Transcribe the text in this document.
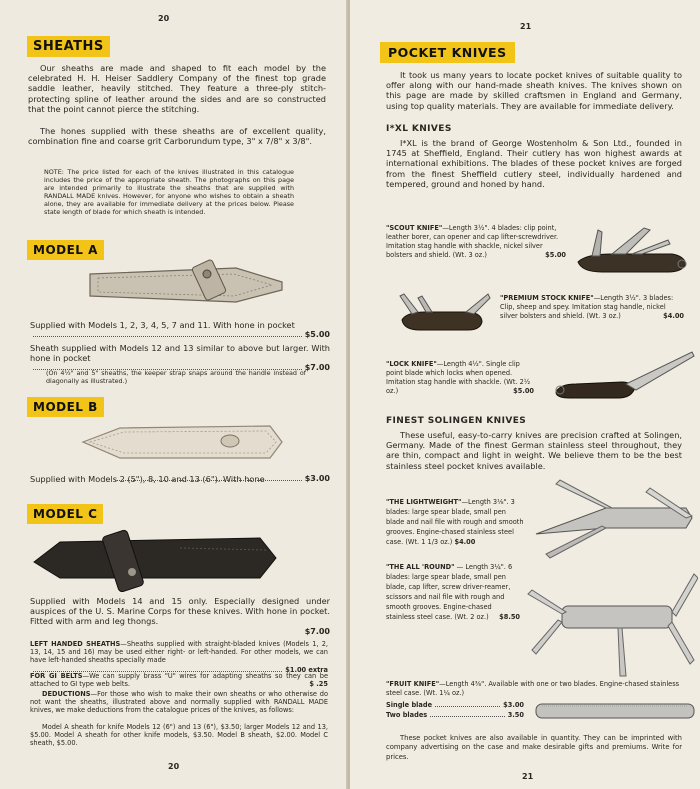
20
SHEATHS

Our sheaths are made and shaped to fit each model by the celebrated H. H. Heiser Saddlery Company of the finest top grade saddle leather, heavily stitched. They feature a three-ply stitch-protecting spline of leather around the sides and are so constructed that the point cannot pierce the stitching.

The hones supplied with these sheaths are of excellent quality, combination fine and coarse grit Carborundum type, 3" x 7/8" x 3/8".

NOTE: The price listed for each of the knives illustrated in this catalogue includes the price of the appropriate sheath. The photographs on this page are intended primarily to illustrate the sheaths that are supplied with RANDALL MADE knives. However, for anyone who wishes to obtain a sheath alone, they are available for immediate delivery at the prices below. Please state length of blade for which sheath is intended.

MODEL A
Supplied with Models 1, 2, 3, 4, 5, 7 and 11. With hone in pocket
$5.00
Sheath supplied with Models 12 and 13 similar to above but larger. With hone in pocket
$7.00

(On 4½" and 5" sheaths, the keeper strap snaps around the handle instead of diagonally as illustrated.)

MODEL B
Supplied with Models 2 (5"), 8, 10 and 13 (6"). With hone	$3.00
MODEL C
Supplied with Models 14 and 15 only. Especially designed under auspices of the U. S. Marine Corps for these knives. With hone in pocket. Fitted with arm and leg thongs.
$7.00
LEFT HANDED SHEATHS—Sheaths supplied with straight-bladed knives (Models 1, 2, 13, 14, 15 and 16) may be used either right- or left-handed. For other models, we can have left-handed sheaths specially made
$1.00 extra
FOR GI BELTS—We can supply brass "U" wires for adapting sheaths so they can be attached to GI type web belts.	$ .25
DEDUCTIONS—For those who wish to make their own sheaths or who otherwise do not want the sheaths, illustrated above and normally supplied with RANDALL MADE knives, we make deductions from the catalogue prices of the knives, as follows:

Model A sheath for knife Models 12 (6") and 13 (6"), $3.50; larger Models 12 and 13, $5.00. Model A sheath for other knife models, $3.50. Model B sheath, $2.00. Model C sheath, $5.00.

20
21
POCKET KNIVES

It took us many years to locate pocket knives of suitable quality to offer along with our hand-made sheath knives. The knives shown on this page are made by skilled craftsmen in England and Germany, using top quality materials. They are available for immediate delivery.

I*XL KNIVES

I*XL is the brand of George Wostenholm & Son Ltd., founded in 1745 at Sheffield, England. Their cutlery has won highest awards at international exhibitions. The blades of these pocket knives are forged from the finest Sheffield cutlery steel, individually hardened and tempered, ground and honed by hand.

"SCOUT KNIFE"—Length 3½". 4 blades: clip point, leather borer, can opener and cap lifter-screwdriver. Imitation stag handle with shackle, nickel silver bolsters and shield. (Wt. 3 oz.)	$5.00
"PREMIUM STOCK KNIFE"—Length 3½". 3 blades: Clip, sheep and spey. Imitation stag handle, nickel silver bolsters and shield. (Wt. 3 oz.)	$4.00
"LOCK KNIFE"—Length 4½". Single clip point blade which locks when opened. Imitation stag handle with shackle. (Wt. 2½ oz.)	$5.00
FINEST SOLINGEN KNIVES

These useful, easy-to-carry knives are precision crafted at Solingen, Germany. Made of the finest German stainless steel throughout, they are thin, compact and light in weight. We believe them to be the best stainless steel pocket knives available.

"THE LIGHTWEIGHT"—Length 3⅛". 3 blades: large spear blade, small pen blade and nail file with rough and smooth grooves. Engine-chased stainless steel case. (Wt. 1 1/3 oz.) $4.00
"THE ALL 'ROUND" — Length 3¼". 6 blades: large spear blade, small pen blade, cap lifter, screw driver-reamer, scissors and nail file with rough and smooth grooves. Engine-chased stainless steel case. (Wt. 2 oz.) $8.50
"FRUIT KNIFE"—Length 4⅜". Available with one or two blades. Engine-chased stainless steel case. (Wt. 1¼ oz.)
Single blade	$3.00
Two blades	3.50

These pocket knives are also available in quantity. They can be imprinted with company advertising on the case and make desirable gifts and premiums. Write for prices.

21
